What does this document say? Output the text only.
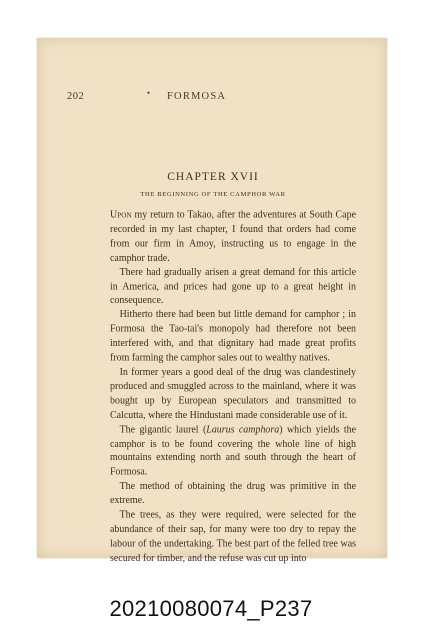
202	• FORMOSA
CHAPTER XVII
THE BEGINNING OF THE CAMPHOR WAR

Upon my return to Takao, after the adventures at South Cape recorded in my last chapter, I found that orders had come from our firm in Amoy, instructing us to engage in the camphor trade.

There had gradually arisen a great demand for this article in America, and prices had gone up to a great height in consequence.

Hitherto there had been but little demand for camphor ; in Formosa the Tao-tai's monopoly had therefore not been interfered with, and that dignitary had made great profits from farming the camphor sales out to wealthy natives.

In former years a good deal of the drug was clandestinely produced and smuggled across to the mainland, where it was bought up by European speculators and transmitted to Calcutta, where the Hindustani made considerable use of it.

The gigantic laurel (Laurus camphora) which yields the camphor is to be found covering the whole line of high mountains extending north and south through the heart of Formosa.

The method of obtaining the drug was primitive in the extreme.

The trees, as they were required, were selected for the abundance of their sap, for many were too dry to repay the labour of the undertaking. The best part of the felled tree was secured for timber, and the refuse was cut up into

20210080074_P237
